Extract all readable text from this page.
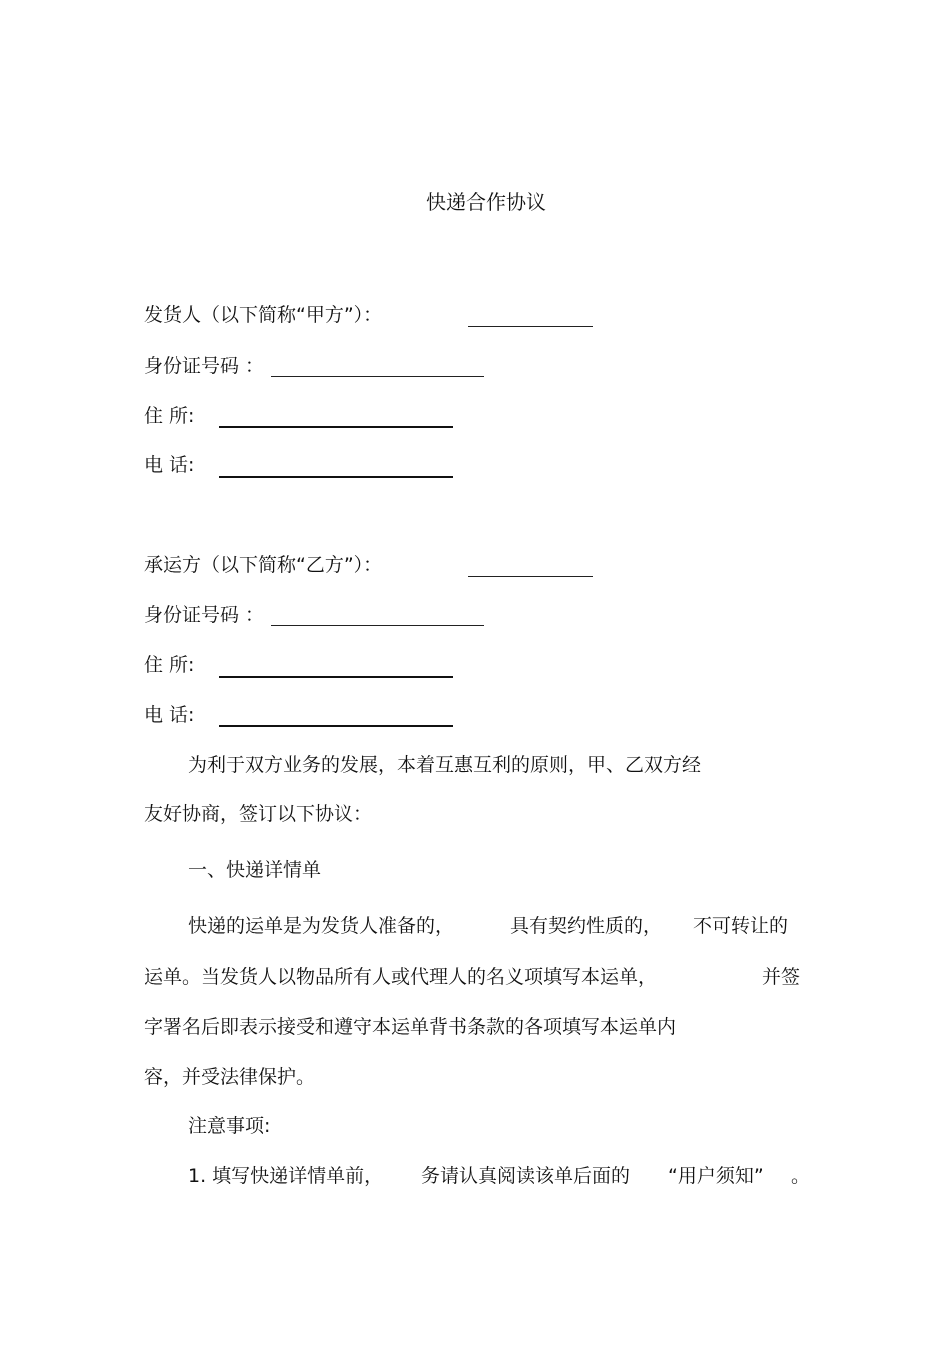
快递合作协议
发货人（以下简称“甲方”）：
身份证号码 ：
住 所:
电 话:
承运方（以下简称“乙方”）：
身份证号码 ：
住 所:
电 话:
为利于双方业务的发展，本着互惠互利的原则，甲、乙双方经
友好协商，签订以下协议：
一、快递详情单
快递的运单是为发货人准备的，	具有契约性质的， 不可转让的
运单。当发货人以物品所有人或代理人的名义项填写本运单，	并签
字署名后即表示接受和遵守本运单背书条款的各项填写本运单内
容，并受法律保护。
注意事项:
1. 填写快递详情单前， 务请认真阅读该单后面的 “用户须知” 。
